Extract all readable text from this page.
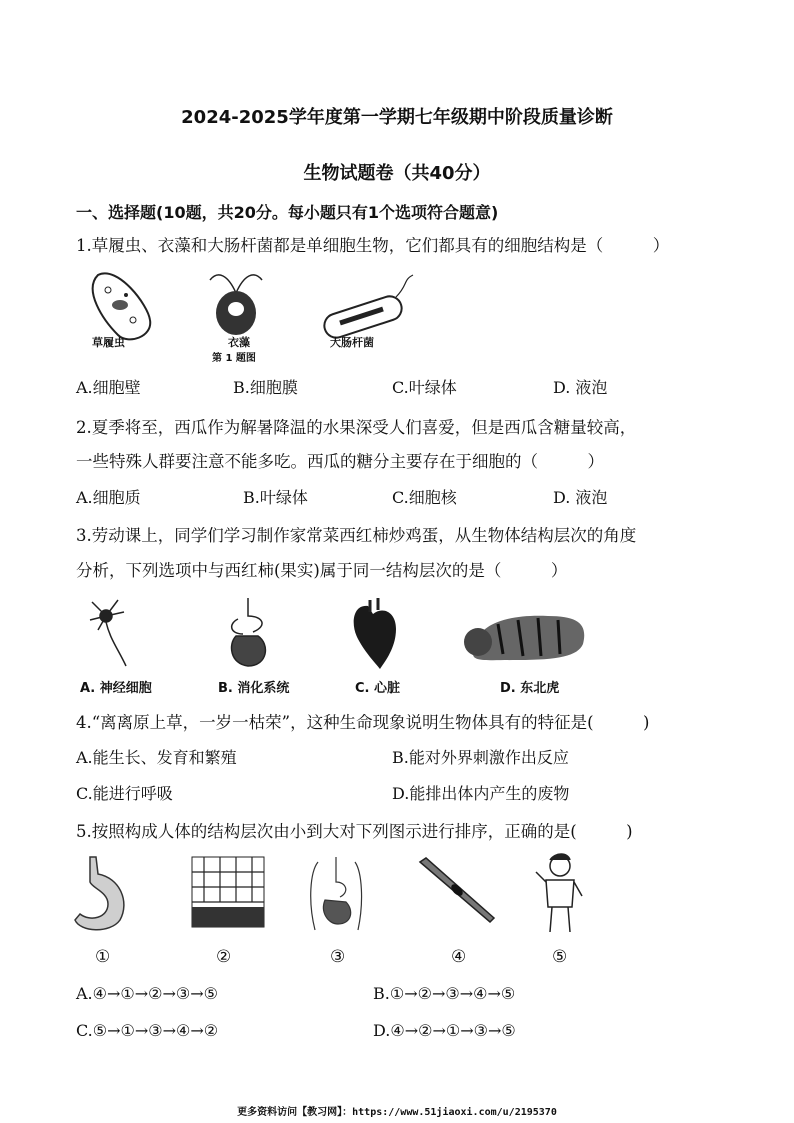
2024-2025学年度第一学期七年级期中阶段质量诊断
生物试题卷（共40分）
一、选择题(10题，共20分。每小题只有1个选项符合题意)
1.草履虫、衣藻和大肠杆菌都是单细胞生物，它们都具有的细胞结构是（　　　）
草履虫	衣藻	大肠杆菌
第 1 题图
A.细胞壁	B.细胞膜	C.叶绿体	D. 液泡
2.夏季将至，西瓜作为解暑降温的水果深受人们喜爱，但是西瓜含糖量较高，
一些特殊人群要注意不能多吃。西瓜的糖分主要存在于细胞的（　　　）
A.细胞质	B.叶绿体	C.细胞核	D. 液泡
3.劳动课上，同学们学习制作家常菜西红柿炒鸡蛋，从生物体结构层次的角度
分析，下列选项中与西红柿(果实)属于同一结构层次的是（　　　）
A. 神经细胞	B. 消化系统	C. 心脏	D. 东北虎
4.“离离原上草，一岁一枯荣”，这种生命现象说明生物体具有的特征是(　　　)
A.能生长、发育和繁殖	B.能对外界刺激作出反应
C.能进行呼吸	D.能排出体内产生的废物
5.按照构成人体的结构层次由小到大对下列图示进行排序，正确的是(　　　)
①	②	③	④	⑤
A.④→①→②→③→⑤	B.①→②→③→④→⑤
C.⑤→①→③→④→②	D.④→②→①→③→⑤
更多资料访问【教习网】：https://www.51jiaoxi.com/u/2195370
